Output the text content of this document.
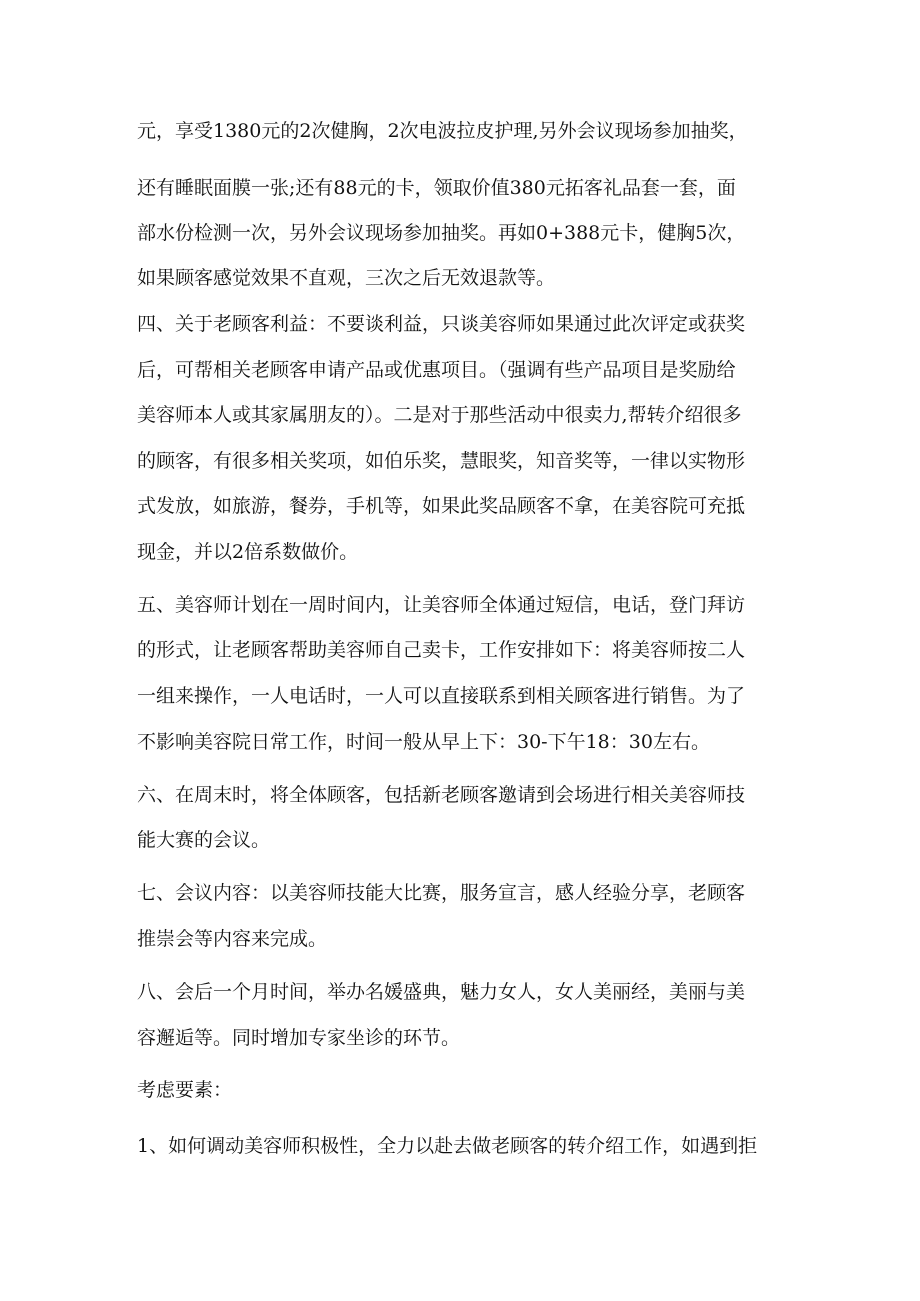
元，享受1380元的2次健胸，2次电波拉皮护理,另外会议现场参加抽奖，
还有睡眠面膜一张;还有88元的卡，领取价值380元拓客礼品套一套，面
部水份检测一次，另外会议现场参加抽奖。再如0+388元卡，健胸5次，
如果顾客感觉效果不直观，三次之后无效退款等。
四、关于老顾客利益：不要谈利益，只谈美容师如果通过此次评定或获奖
后，可帮相关老顾客申请产品或优惠项目。（强调有些产品项目是奖励给
美容师本人或其家属朋友的）。二是对于那些活动中很卖力,帮转介绍很多
的顾客，有很多相关奖项，如伯乐奖，慧眼奖，知音奖等，一律以实物形
式发放，如旅游，餐券，手机等，如果此奖品顾客不拿，在美容院可充抵
现金，并以2倍系数做价。
五、美容师计划在一周时间内，让美容师全体通过短信，电话，登门拜访
的形式，让老顾客帮助美容师自己卖卡，工作安排如下：将美容师按二人
一组来操作，一人电话时，一人可以直接联系到相关顾客进行销售。为了
不影响美容院日常工作，时间一般从早上下：30-下午18：30左右。
六、在周末时，将全体顾客，包括新老顾客邀请到会场进行相关美容师技
能大赛的会议。
七、会议内容：以美容师技能大比赛，服务宣言，感人经验分享，老顾客
推崇会等内容来完成。
八、会后一个月时间，举办名媛盛典，魅力女人，女人美丽经，美丽与美
容邂逅等。同时增加专家坐诊的环节。
考虑要素：
1、如何调动美容师积极性，全力以赴去做老顾客的转介绍工作，如遇到拒
